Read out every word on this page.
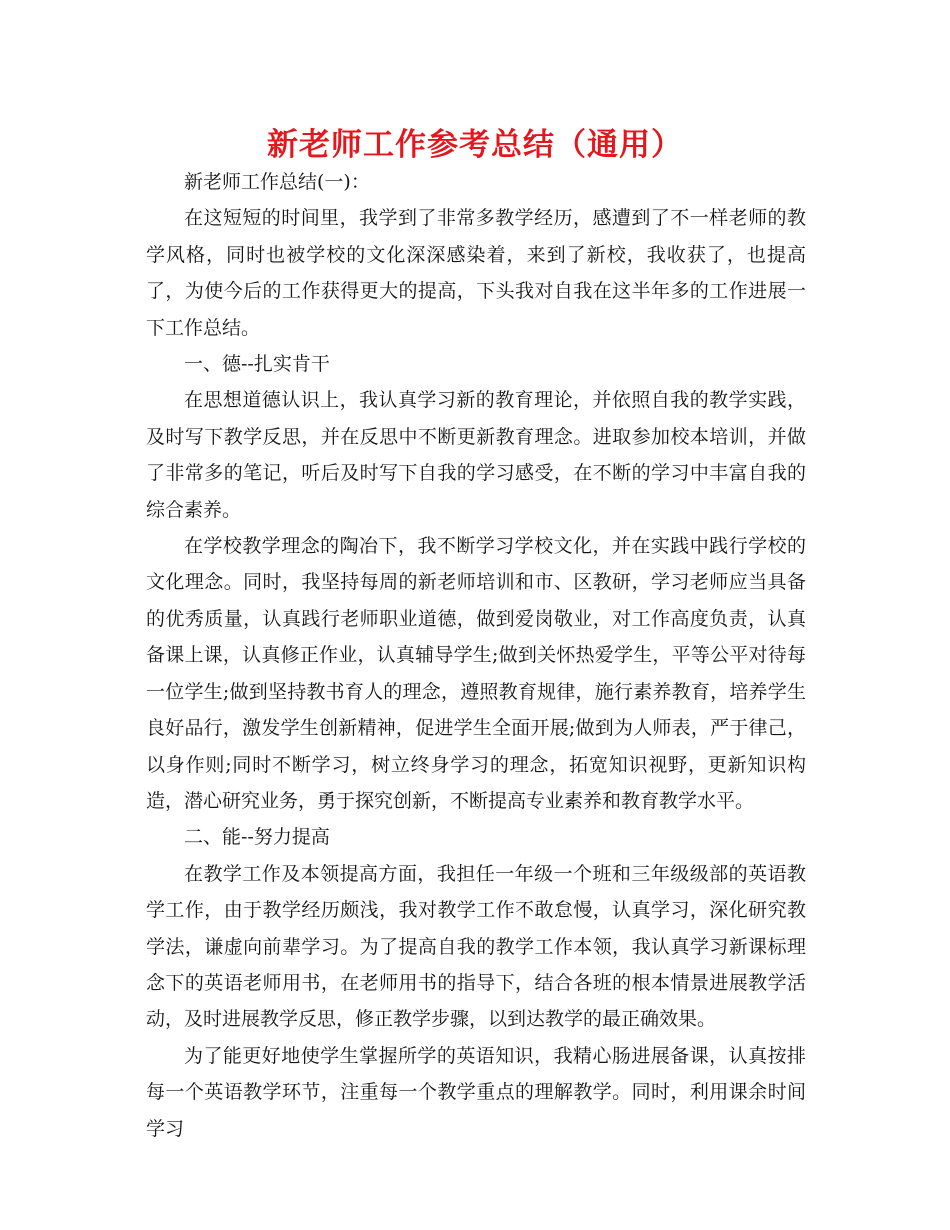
新老师工作参考总结（通用）

新老师工作总结(一)：

在这短短的时间里，我学到了非常多教学经历，感遭到了不一样老师的教学风格，同时也被学校的文化深深感染着，来到了新校，我收获了，也提高了，为使今后的工作获得更大的提高，下头我对自我在这半年多的工作进展一下工作总结。

一、德--扎实肯干

在思想道德认识上，我认真学习新的教育理论，并依照自我的教学实践，及时写下教学反思，并在反思中不断更新教育理念。进取参加校本培训，并做了非常多的笔记，听后及时写下自我的学习感受，在不断的学习中丰富自我的综合素养。

在学校教学理念的陶冶下，我不断学习学校文化，并在实践中践行学校的文化理念。同时，我坚持每周的新老师培训和市、区教研，学习老师应当具备的优秀质量，认真践行老师职业道德，做到爱岗敬业，对工作高度负责，认真备课上课，认真修正作业，认真辅导学生;做到关怀热爱学生，平等公平对待每一位学生;做到坚持教书育人的理念，遵照教育规律，施行素养教育，培养学生良好品行，激发学生创新精神，促进学生全面开展;做到为人师表，严于律己，以身作则;同时不断学习，树立终身学习的理念，拓宽知识视野，更新知识构造，潜心研究业务，勇于探究创新，不断提高专业素养和教育教学水平。

二、能--努力提高

在教学工作及本领提高方面，我担任一年级一个班和三年级级部的英语教学工作，由于教学经历颇浅，我对教学工作不敢怠慢，认真学习，深化研究教学法，谦虚向前辈学习。为了提高自我的教学工作本领，我认真学习新课标理念下的英语老师用书，在老师用书的指导下，结合各班的根本情景进展教学活动，及时进展教学反思，修正教学步骤，以到达教学的最正确效果。

为了能更好地使学生掌握所学的英语知识，我精心肠进展备课，认真按排每一个英语教学环节，注重每一个教学重点的理解教学。同时，利用课余时间学习
